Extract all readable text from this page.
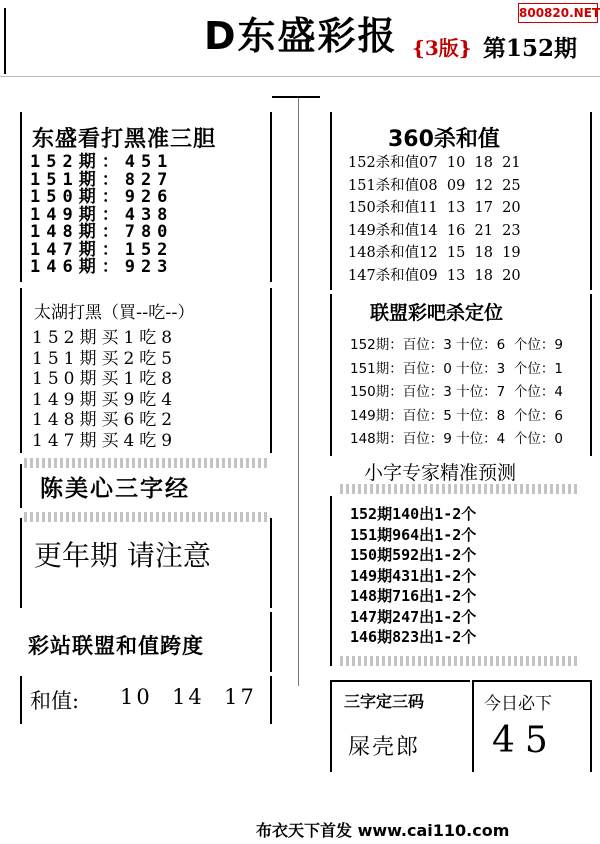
D东盛彩报 {3版} 第152期
800820.NET
东盛看打黑准三胆
152期：451
151期：827
150期：926
149期：438
148期：780
147期：152
146期：923
太湖打黑（買--吃--）
152期买1吃8
151期买2吃5
150期买1吃8
149期买9吃4
148期买6吃2
147期买4吃9
陈美心三字经
更年期 请注意
彩站联盟和值跨度
和值: 10  14  17
360杀和值
152杀和值07  10  18  21
151杀和值08  09  12  25
150杀和值11  13  17  20
149杀和值14  16  21  23
148杀和值12  15  18  19
147杀和值09  13  18  20
联盟彩吧杀定位
152期：百位：3 十位：6  个位：9
151期：百位：0 十位：3  个位：1
150期：百位：3 十位：7  个位：4
149期：百位：5 十位：8  个位：6
148期：百位：9 十位：4  个位：0
小字专家精准预测
152期140出1-2个
151期964出1-2个
150期592出1-2个
149期431出1-2个
148期716出1-2个
147期247出1-2个
146期823出1-2个
三字定三码
屎壳郎
今日必下
45
布衣天下首发 www.cai110.com
